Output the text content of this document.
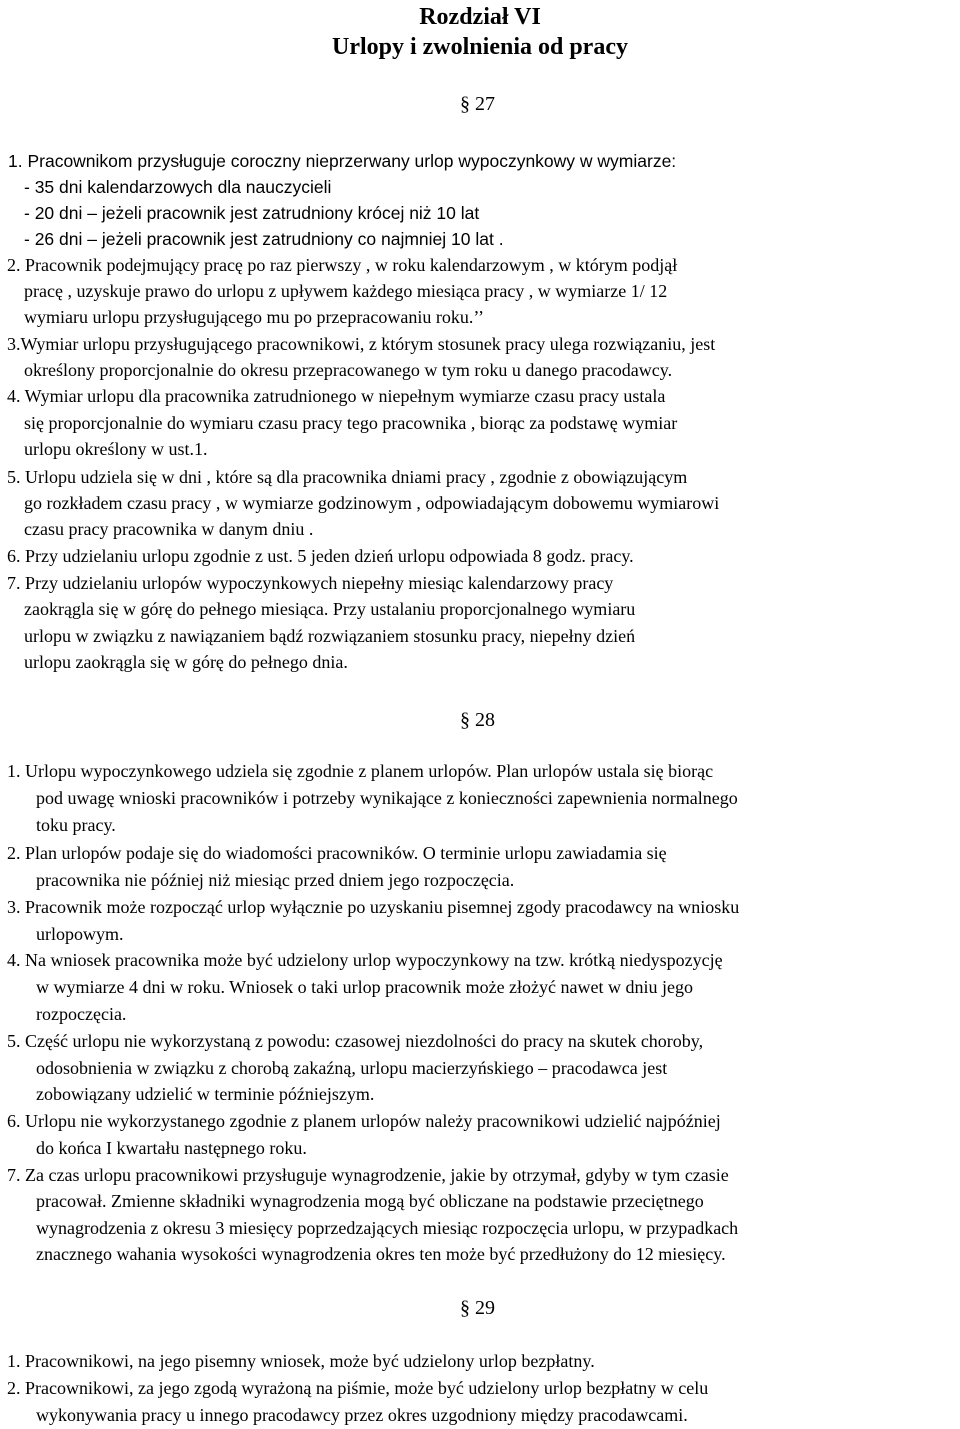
Rozdział VI
Urlopy i zwolnienia od pracy
§ 27
1. Pracownikom przysługuje coroczny nieprzerwany urlop wypoczynkowy w wymiarze:
- 35 dni kalendarzowych dla nauczycieli
- 20 dni – jeżeli pracownik jest zatrudniony krócej niż 10 lat
- 26 dni – jeżeli pracownik jest zatrudniony co najmniej 10 lat .
2. Pracownik podejmujący pracę po raz pierwszy , w roku kalendarzowym , w którym podjął
pracę , uzyskuje prawo do urlopu z upływem każdego miesiąca pracy , w wymiarze 1/ 12
wymiaru urlopu przysługującego mu po przepracowaniu roku.’’
3.Wymiar urlopu przysługującego pracownikowi, z którym stosunek pracy ulega rozwiązaniu, jest
określony proporcjonalnie do okresu przepracowanego w tym roku u danego pracodawcy.
4. Wymiar urlopu dla pracownika zatrudnionego w niepełnym wymiarze czasu pracy ustala
się proporcjonalnie do wymiaru czasu pracy tego pracownika , biorąc za podstawę wymiar
urlopu określony w ust.1.
5. Urlopu udziela się w dni , które są dla pracownika dniami pracy , zgodnie z obowiązującym
go rozkładem czasu pracy , w wymiarze godzinowym , odpowiadającym dobowemu wymiarowi
czasu pracy pracownika w danym dniu .
6. Przy udzielaniu urlopu zgodnie z ust. 5 jeden dzień urlopu odpowiada 8 godz. pracy.
7. Przy udzielaniu urlopów wypoczynkowych niepełny miesiąc kalendarzowy pracy
zaokrągla się w górę do pełnego miesiąca. Przy ustalaniu proporcjonalnego wymiaru
urlopu w związku z nawiązaniem bądź rozwiązaniem stosunku pracy, niepełny dzień
urlopu zaokrągla się w górę do pełnego dnia.
§ 28
1. Urlopu wypoczynkowego udziela się zgodnie z planem urlopów. Plan urlopów ustala się biorąc
pod uwagę wnioski pracowników i potrzeby wynikające z konieczności zapewnienia normalnego
toku pracy.
2. Plan urlopów podaje się do wiadomości pracowników. O terminie urlopu zawiadamia się
pracownika nie później niż miesiąc przed dniem jego rozpoczęcia.
3. Pracownik może rozpocząć urlop wyłącznie po uzyskaniu pisemnej zgody pracodawcy na wniosku
urlopowym.
4. Na wniosek pracownika może być udzielony urlop wypoczynkowy na tzw. krótką niedyspozycję
w wymiarze 4 dni w roku. Wniosek o taki urlop pracownik może złożyć nawet w dniu jego
rozpoczęcia.
5. Część urlopu nie wykorzystaną z powodu: czasowej niezdolności do pracy na skutek choroby,
odosobnienia w związku z chorobą zakaźną, urlopu macierzyńskiego – pracodawca jest
zobowiązany udzielić w terminie późniejszym.
6. Urlopu nie wykorzystanego zgodnie z planem urlopów należy pracownikowi udzielić najpóźniej
do końca I kwartału następnego roku.
7. Za czas urlopu pracownikowi przysługuje wynagrodzenie, jakie by otrzymał, gdyby w tym czasie
pracował. Zmienne składniki wynagrodzenia mogą być obliczane na podstawie przeciętnego
wynagrodzenia z okresu 3 miesięcy poprzedzających miesiąc rozpoczęcia urlopu, w przypadkach
znacznego wahania wysokości wynagrodzenia okres ten może być przedłużony do 12 miesięcy.
§ 29
1. Pracownikowi, na jego pisemny wniosek, może być udzielony urlop bezpłatny.
2. Pracownikowi, za jego zgodą wyrażoną na piśmie, może być udzielony urlop bezpłatny w celu
wykonywania pracy u innego pracodawcy przez okres uzgodniony między pracodawcami.
